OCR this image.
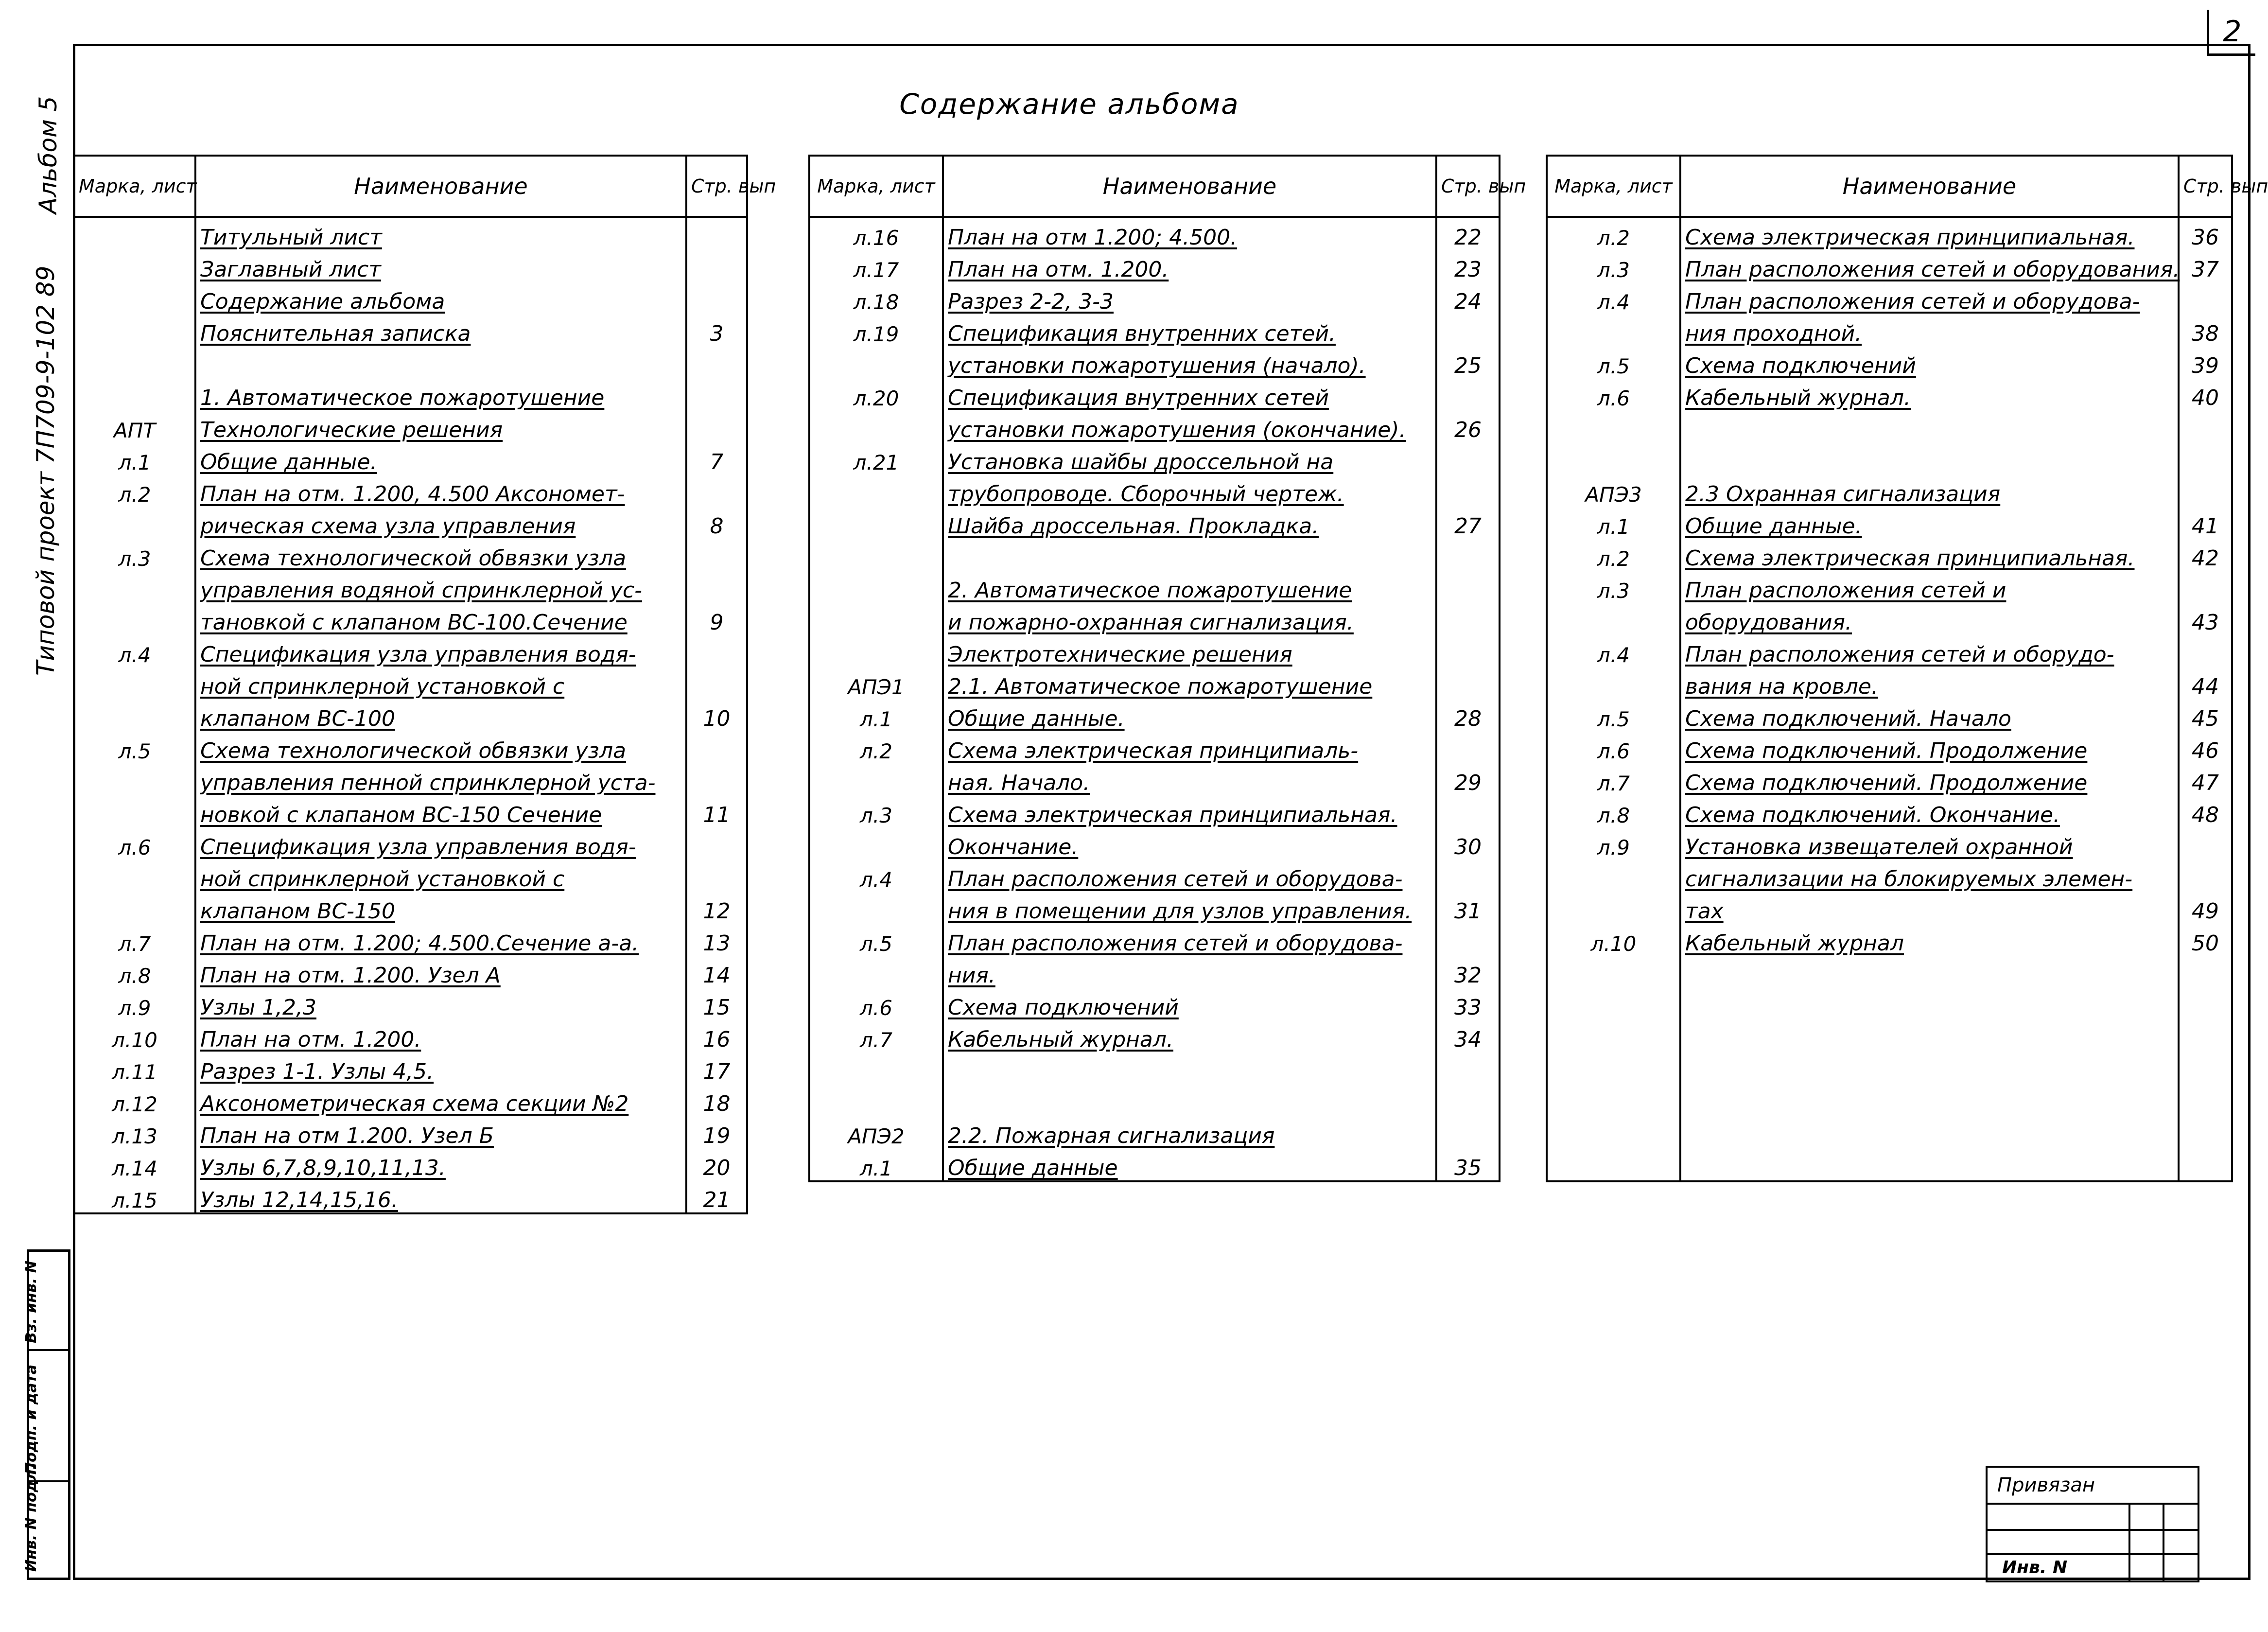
2
Альбом 5
Типовой проект 7П709-9-102 89
Вз. инв. N
Подп. и дата
Инв. N подл.
Содержание альбома
Марка, лист	Наименование	Стр. вып
	Титульный лист	
	Заглавный лист	
	Содержание альбома	
	Пояснительная записка	3

	1. Автоматическое пожаротушение	
АПТ	Технологические решения	
л.1	Общие данные.	7
л.2	План на отм. 1.200, 4.500 Аксономет-	
	рическая схема узла управления	8
л.3	Схема технологической обвязки узла	
	управления водяной спринклерной ус-	
	тановкой с клапаном ВС-100.Сечение	9
л.4	Спецификация узла управления водя-	
	ной спринклерной установкой с	
	клапаном ВС-100	10
л.5	Схема технологической обвязки узла	
	управления пенной спринклерной уста-	
	новкой с клапаном ВС-150 Сечение	11
л.6	Спецификация узла управления водя-	
	ной спринклерной установкой с	
	клапаном ВС-150	12
л.7	План на отм. 1.200; 4.500.Сечение а-а.	13
л.8	План на отм. 1.200. Узел А	14
л.9	Узлы 1,2,3	15
л.10	План на отм. 1.200.	16
л.11	Разрез 1-1. Узлы 4,5.	17
л.12	Аксонометрическая схема секции №2	18
л.13	План на отм 1.200. Узел Б	19
л.14	Узлы 6,7,8,9,10,11,13.	20
л.15	Узлы 12,14,15,16.	21
Марка, лист	Наименование	Стр. вып
л.16	План на отм 1.200; 4.500.	22
л.17	План на отм. 1.200.	23
л.18	Разрез 2-2, 3-3	24
л.19	Спецификация внутренних сетей.	
	установки пожаротушения (начало).	25
л.20	Спецификация внутренних сетей	
	установки пожаротушения (окончание).	26
л.21	Установка шайбы дроссельной на	
	трубопроводе. Сборочный чертеж.	
	Шайба дроссельная. Прокладка.	27

	2. Автоматическое пожаротушение	
	и пожарно-охранная сигнализация.	
	Электротехнические решения	
АПЭ1	2.1. Автоматическое пожаротушение	
л.1	Общие данные.	28
л.2	Схема электрическая принципиаль-	
	ная. Начало.	29
л.3	Схема электрическая принципиальная.	
	Окончание.	30
л.4	План расположения сетей и оборудова-	
	ния в помещении для узлов управления.	31
л.5	План расположения сетей и оборудова-	
	ния.	32
л.6	Схема подключений	33
л.7	Кабельный журнал.	34

АПЭ2	2.2. Пожарная сигнализация	
л.1	Общие данные	35
Марка, лист	Наименование	Стр. вып
л.2	Схема электрическая принципиальная.	36
л.3	План расположения сетей и оборудования.	37
л.4	План расположения сетей и оборудова-	
	ния проходной.	38
л.5	Схема подключений	39
л.6	Кабельный журнал.	40

АПЭ3	2.3 Охранная сигнализация	
л.1	Общие данные.	41
л.2	Схема электрическая принципиальная.	42
л.3	План расположения сетей и	
	оборудования.	43
л.4	План расположения сетей и оборудо-	
	вания на кровле.	44
л.5	Схема подключений. Начало	45
л.6	Схема подключений. Продолжение	46
л.7	Схема подключений. Продолжение	47
л.8	Схема подключений. Окончание.	48
л.9	Установка извещателей охранной	
	сигнализации на блокируемых элемен-	
	тах	49
л.10	Кабельный журнал	50

Привязан
Инв. N
